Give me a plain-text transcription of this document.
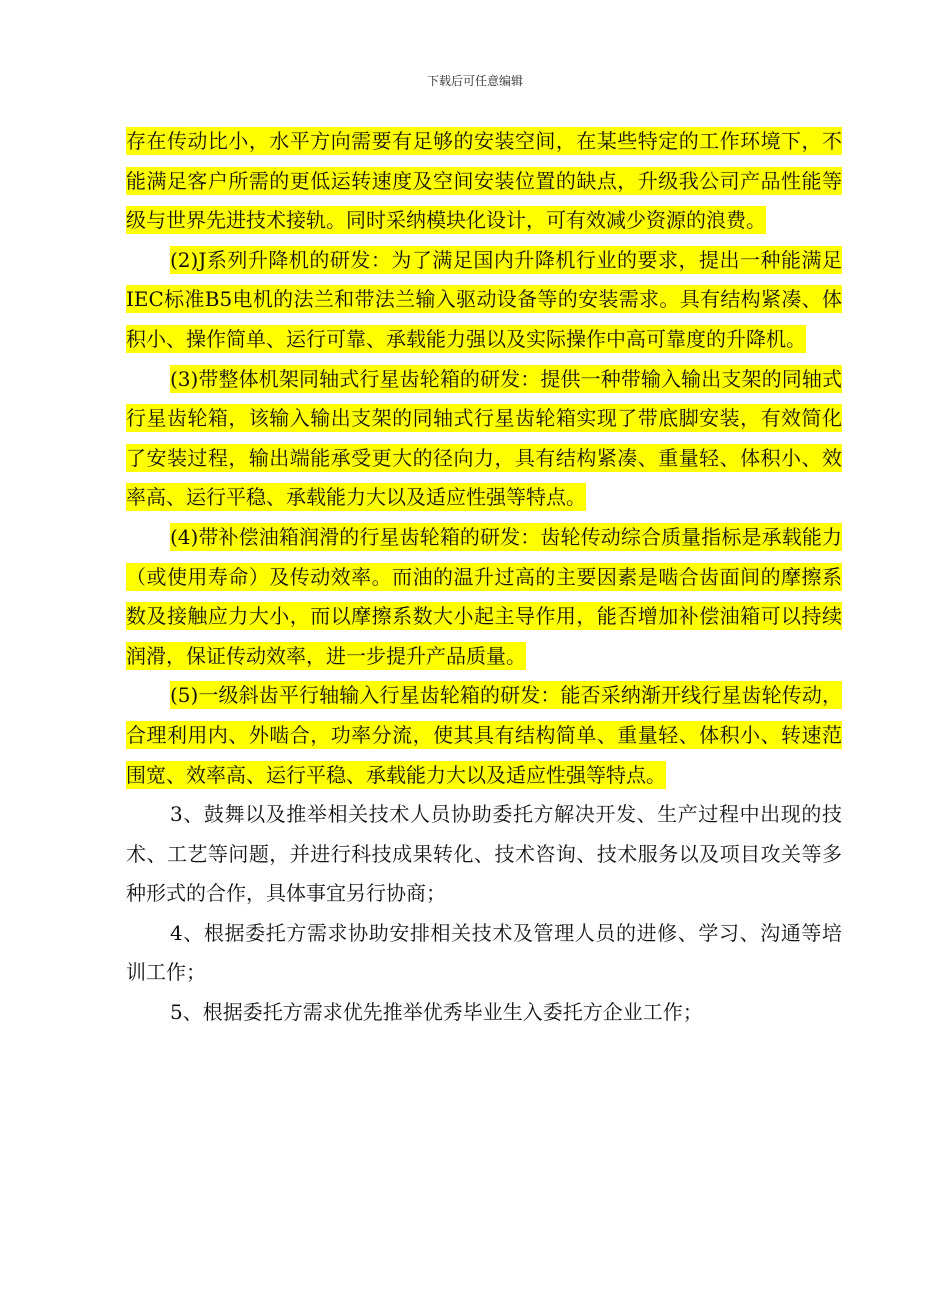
下载后可任意编辑

存在传动比小，水平方向需要有足够的安装空间，在某些特定的工作环境下，不能满足客户所需的更低运转速度及空间安装位置的缺点，升级我公司产品性能等级与世界先进技术接轨。同时采纳模块化设计，可有效减少资源的浪费。

(2)J系列升降机的研发：为了满足国内升降机行业的要求，提出一种能满足IEC标准B5电机的法兰和带法兰输入驱动设备等的安装需求。具有结构紧凑、体积小、操作简单、运行可靠、承载能力强以及实际操作中高可靠度的升降机。

(3)带整体机架同轴式行星齿轮箱的研发：提供一种带输入输出支架的同轴式行星齿轮箱，该输入输出支架的同轴式行星齿轮箱实现了带底脚安装，有效简化了安装过程，输出端能承受更大的径向力，具有结构紧凑、重量轻、体积小、效率高、运行平稳、承载能力大以及适应性强等特点。

(4)带补偿油箱润滑的行星齿轮箱的研发：齿轮传动综合质量指标是承载能力（或使用寿命）及传动效率。而油的温升过高的主要因素是啮合齿面间的摩擦系数及接触应力大小，而以摩擦系数大小起主导作用，能否增加补偿油箱可以持续润滑，保证传动效率，进一步提升产品质量。

(5)一级斜齿平行轴输入行星齿轮箱的研发：能否采纳渐开线行星齿轮传动，合理利用内、外啮合，功率分流，使其具有结构简单、重量轻、体积小、转速范围宽、效率高、运行平稳、承载能力大以及适应性强等特点。

3、鼓舞以及推举相关技术人员协助委托方解决开发、生产过程中出现的技术、工艺等问题，并进行科技成果转化、技术咨询、技术服务以及项目攻关等多种形式的合作，具体事宜另行协商；

4、根据委托方需求协助安排相关技术及管理人员的进修、学习、沟通等培训工作；

5、根据委托方需求优先推举优秀毕业生入委托方企业工作；
